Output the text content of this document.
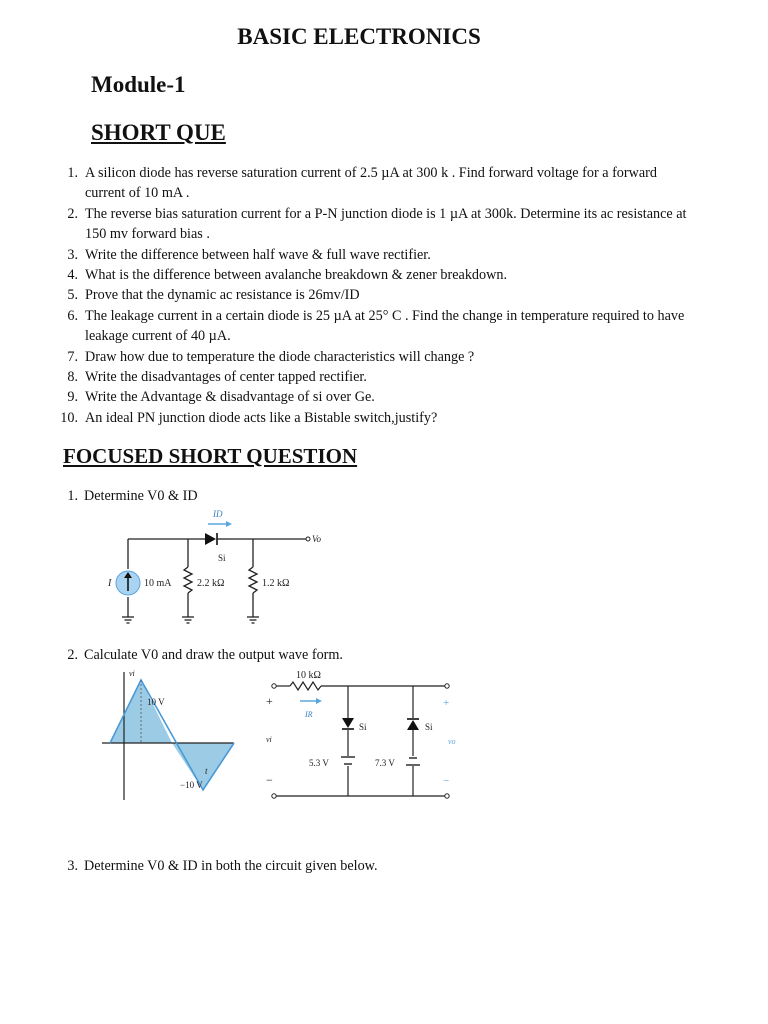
BASIC ELECTRONICS
Module-1
SHORT QUE
1. A silicon diode has reverse saturation current of 2.5 µA at 300 k . Find forward voltage for a forward current of 10 mA .
2. The reverse bias saturation current for a P-N junction diode is 1 µA at 300k. Determine its ac resistance at 150 mv forward bias .
3. Write the difference between half wave & full wave rectifier.
4. What is the difference between avalanche breakdown & zener breakdown.
5. Prove that the dynamic ac resistance is 26mv/ID
6. The leakage current in a certain diode is 25 µA at 25° C . Find the change in temperature required to have leakage current of 40 µA.
7. Draw how due to temperature the diode characteristics will change ?
8. Write the disadvantages of center tapped rectifier.
9. Write the Advantage & disadvantage of si over Ge.
10. An ideal PN junction diode acts like a Bistable switch,justify?
FOCUSED SHORT QUESTION
1. Determine V0 & ID
ID
Si
Vo
I	10 mA	2.2 kΩ	1.2 kΩ
2. Calculate V0 and draw the output wave form.
vi
10 V
t
−10 V
10 kΩ
IR
+
vi
−
Si	Si
5.3 V	7.3 V
+
vo
−
3. Determine V0 & ID in both the circuit given below.
